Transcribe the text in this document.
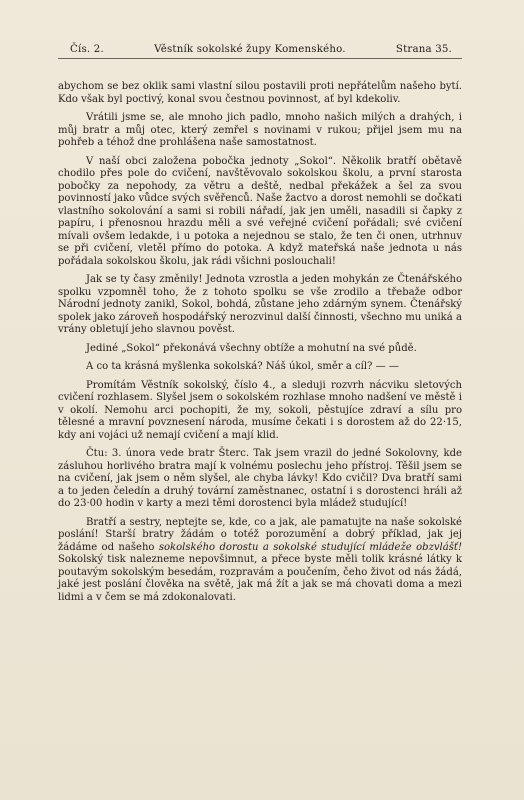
Čís. 2.	Věstník sokolské župy Komenského.	Strana 35.

abychom se bez oklik sami vlastní silou postavili proti nepřátelům našeho bytí. Kdo však byl poctivý, konal svou čestnou povinnost, ať byl kdekoliv.

Vrátili jsme se, ale mnoho jich padlo, mnoho našich milých a drahých, i můj bratr a můj otec, který zemřel s novinami v rukou; přijel jsem mu na pohřeb a téhož dne prohlášena naše samostatnost.

V naší obci založena pobočka jednoty „Sokol“. Několik bratří obětavě chodilo přes pole do cvičení, navštěvovalo sokolskou školu, a první starosta pobočky za nepohody, za větru a deště, nedbal překážek a šel za svou povinností jako vůdce svých svěřenců. Naše žactvo a dorost nemohli se dočkati vlastního sokolování a sami si robili nářadí, jak jen uměli, nasadili si čapky z papíru, i přenosnou hrazdu měli a své veřejné cvičení pořádali; své cvičení mívali ovšem ledakde, i u potoka a nejednou se stalo, že ten či onen, utrhnuv se při cvičení, vletěl přímo do potoka. A když mateřská naše jednota u nás pořádala sokolskou školu, jak rádi všichni poslouchali!

Jak se ty časy změnily! Jednota vzrostla a jeden mohykán ze Čtenářského spolku vzpomněl toho, že z tohoto spolku se vše zrodilo a třebaže odbor Národní jednoty zanikl, Sokol, bohdá, zůstane jeho zdárným synem. Čtenářský spolek jako zároveň hospodářský nerozvinul další činnosti, všechno mu uniká a vrány obletují jeho slavnou pověst.

Jediné „Sokol“ překonává všechny obtíže a mohutní na své půdě.

A co ta krásná myšlenka sokolská? Náš úkol, směr a cíl? — —

Promítám Věstník sokolský, číslo 4., a sleduji rozvrh nácviku sletových cvičení rozhlasem. Slyšel jsem o sokolském rozhlase mnoho nadšení ve městě i v okolí. Nemohu arci pochopiti, že my, sokoli, pěstujíce zdraví a sílu pro tělesné a mravní povznesení národa, musíme čekati i s dorostem až do 22·15, kdy ani vojáci už nemají cvičení a mají klid.

Čtu: 3. února vede bratr Šterc. Tak jsem vrazil do jedné Sokolovny, kde zásluhou horlivého bratra mají k volnému poslechu jeho přístroj. Těšil jsem se na cvičení, jak jsem o něm slyšel, ale chyba lávky! Kdo cvičil? Dva bratří sami a to jeden čeledín a druhý tovární zaměstnanec, ostatní i s dorostenci hráli až do 23·00 hodin v karty a mezi těmi dorostenci byla mládež studující!

Bratří a sestry, neptejte se, kde, co a jak, ale pamatujte na naše sokolské poslání! Starší bratry žádám o totéž porozumění a dobrý příklad, jak jej žádáme od našeho sokolského dorostu a sokolské studující mládeže obzvlášť! Sokolský tisk nalezneme nepovšimnut, a přece byste měli tolik krásné látky k poutavým sokolským besedám, rozpravám a poučením, čeho život od nás žádá, jaké jest poslání člověka na světě, jak má žít a jak se má chovati doma a mezi lidmi a v čem se má zdokonalovati.
